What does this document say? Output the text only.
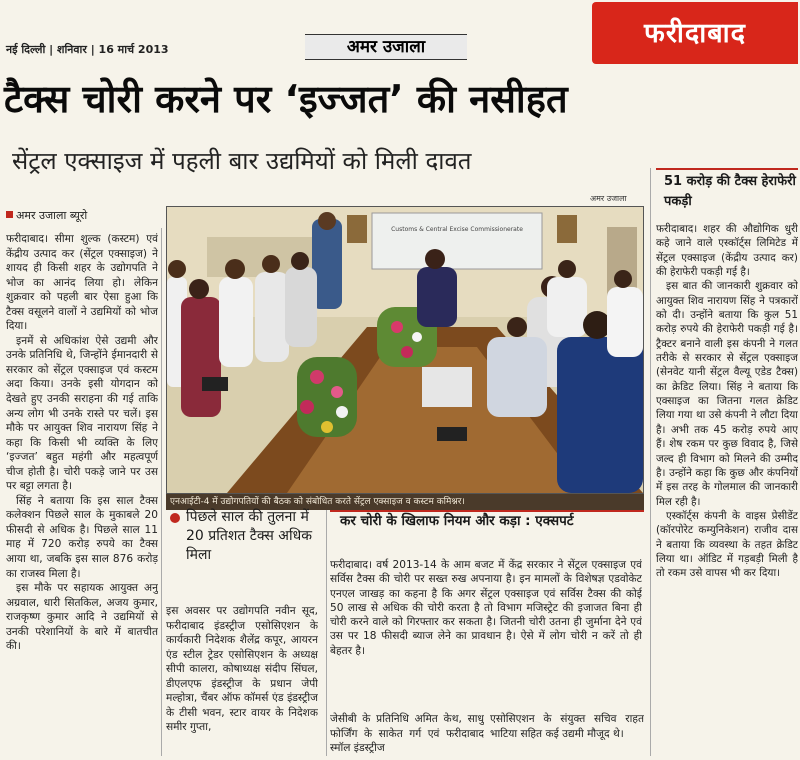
नई दिल्ली | शनिवार | 16 मार्च 2013	अमर उजाला	फरीदाबाद
टैक्स चोरी करने पर ‘इज्जत’ की नसीहत
सेंट्रल एक्साइज में पहली बार उद्यमियों को मिली दावत
अमर उजाला
अमर उजाला ब्यूरो

फरीदाबाद। सीमा शुल्क (कस्टम) एवं केंद्रीय उत्पाद कर (सेंट्रल एक्साइज) ने शायद ही किसी शहर के उद्योगपति ने भोज का आनंद लिया हो। लेकिन शुक्रवार को पहली बार ऐसा हुआ कि टैक्स वसूलने वालों ने उद्यमियों को भोज दिया।

इनमें से अधिकांश ऐसे उद्यमी और उनके प्रतिनिधि थे, जिन्होंने ईमानदारी से सरकार को सेंट्रल एक्साइज एवं कस्टम अदा किया। उनके इसी योगदान को देखते हुए उनकी सराहना की गई ताकि अन्य लोग भी उनके रास्ते पर चलें। इस मौके पर आयुक्त शिव नारायण सिंह ने कहा कि किसी भी व्यक्ति के लिए ‘इज्जत’ बहुत महंगी और महत्वपूर्ण चीज होती है। चोरी पकड़े जाने पर उस पर बट्टा लगता है।

सिंह ने बताया कि इस साल टैक्स कलेक्शन पिछले साल के मुकाबले 20 फीसदी से अधिक है। पिछले साल 11 माह में 720 करोड़ रुपये का टैक्स आया था, जबकि इस साल 876 करोड़ का राजस्व मिला है।

इस मौके पर सहायक आयुक्त अनु अग्रवाल, धारी सितकिल, अजय कुमार, राजकृष्ण कुमार आदि ने उद्यमियों से उनकी परेशानियों के बारे में बातचीत की।

Customs & Central Excise Commissionerate
एनआईटी-4 में उद्योगपतियों की बैठक को संबोधित करते सेंट्रल एक्साइज व कस्टम कमिश्नर।
पिछले साल की तुलना में 20 प्रतिशत टैक्स अधिक मिला

इस अवसर पर उद्योगपति नवीन सूद, फरीदाबाद इंडस्ट्रीज एसोसिएशन के कार्यकारी निदेशक शैलेंद्र कपूर, आयरन एंड स्टील ट्रेडर एसोसिएशन के अध्यक्ष सीपी कालरा, कोषाध्यक्ष संदीप सिंघल, डीएलएफ इंडस्ट्रीज के प्रधान जेपी मल्होत्रा, चैंबर ऑफ कॉमर्स एंड इंडस्ट्रीज के टीसी भवन, स्टार वायर के निदेशक समीर गुप्ता,

कर चोरी के खिलाफ नियम और कड़ा : एक्सपर्ट

फरीदाबाद। वर्ष 2013-14 के आम बजट में केंद्र सरकार ने सेंट्रल एक्साइज एवं सर्विस टैक्स की चोरी पर सख्त रुख अपनाया है। इन मामलों के विशेषज्ञ एडवोकेट एनएल जाखड़ का कहना है कि अगर सेंट्रल एक्साइज एवं सर्विस टैक्स की कोई 50 लाख से अधिक की चोरी करता है तो विभाग मजिस्ट्रेट की इजाजत बिना ही चोरी करने वाले को गिरफ्तार कर सकता है। जितनी चोरी उतना ही जुर्माना देने एवं उस पर 18 फीसदी ब्याज लेने का प्रावधान है। ऐसे में लोग चोरी न करें तो ही बेहतर है।

जेसीबी के प्रतिनिधि अमित केथ, साधु फोर्जिंग के साकेत गर्ग एवं फरीदाबाद स्मॉल इंडस्ट्रीज

एसोसिएशन के संयुक्त सचिव राहत भाटिया सहित कई उद्यमी मौजूद थे।

51 करोड़ की टैक्स हेराफेरी पकड़ी

फरीदाबाद। शहर की औद्योगिक धुरी कहे जाने वाले एस्कॉर्ट्स लिमिटेड में सेंट्रल एक्साइज (केंद्रीय उत्पाद कर) की हेराफेरी पकड़ी गई है।

इस बात की जानकारी शुक्रवार को आयुक्त शिव नारायण सिंह ने पत्रकारों को दी। उन्होंने बताया कि कुल 51 करोड़ रुपये की हेराफेरी पकड़ी गई है। ट्रैक्टर बनाने वाली इस कंपनी ने गलत तरीके से सरकार से सेंट्रल एक्साइज (सेनवेट यानी सेंट्रल वैल्यू एडेड टैक्स) का क्रेडिट लिया। सिंह ने बताया कि एक्साइज का जितना गलत क्रेडिट लिया गया था उसे कंपनी ने लौटा दिया है। अभी तक 45 करोड़ रुपये आए हैं। शेष रकम पर कुछ विवाद है, जिसे जल्द ही विभाग को मिलने की उम्मीद है। उन्होंने कहा कि कुछ और कंपनियों में इस तरह के गोलमाल की जानकारी मिल रही है।

एस्कॉर्ट्स कंपनी के वाइस प्रेसीडेंट (कॉरपोरेट कम्युनिकेशन) राजीव दास ने बताया कि व्यवस्था के तहत क्रेडिट लिया था। ऑडिट में गड़बड़ी मिली है तो रकम उसे वापस भी कर दिया।
